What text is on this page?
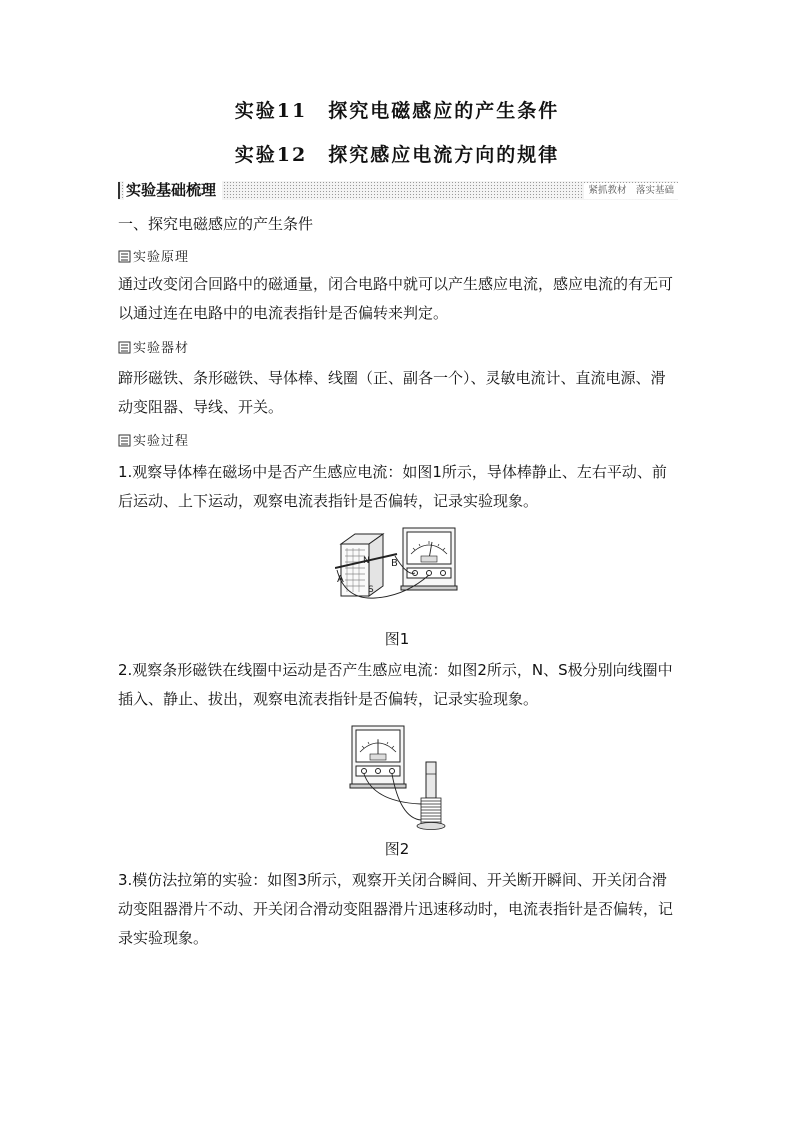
实验11　探究电磁感应的产生条件
实验12　探究感应电流方向的规律
实验基础梳理	紧抓教材　落实基础
一、探究电磁感应的产生条件
实验原理
通过改变闭合回路中的磁通量，闭合电路中就可以产生感应电流，感应电流的有无可以通过连在电路中的电流表指针是否偏转来判定。
实验器材
蹄形磁铁、条形磁铁、导体棒、线圈（正、副各一个）、灵敏电流计、直流电源、滑动变阻器、导线、开关。
实验过程
1.观察导体棒在磁场中是否产生感应电流：如图1所示，导体棒静止、左右平动、前后运动、上下运动，观察电流表指针是否偏转，记录实验现象。
A
B
N
S
图1
2.观察条形磁铁在线圈中运动是否产生感应电流：如图2所示，N、S极分别向线圈中插入、静止、拔出，观察电流表指针是否偏转，记录实验现象。
图2
3.模仿法拉第的实验：如图3所示，观察开关闭合瞬间、开关断开瞬间、开关闭合滑动变阻器滑片不动、开关闭合滑动变阻器滑片迅速移动时，电流表指针是否偏转，记录实验现象。
